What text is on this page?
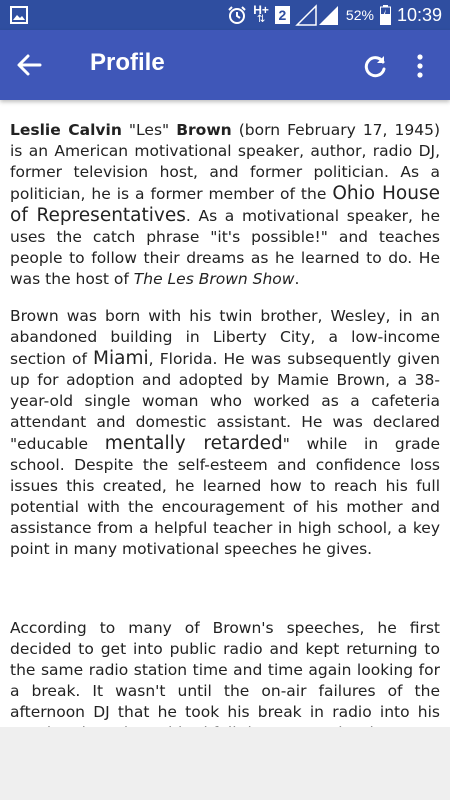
H+
⇅ 2	52% 10:39
Profile

Leslie Calvin "Les" Brown (born February 17, 1945) is an American motivational speaker, author, radio DJ, former television host, and former politician. As a politician, he is a former member of the Ohio House of Representatives. As a motivational speaker, he uses the catch phrase "it's possible!" and teaches people to follow their dreams as he learned to do. He was the host of The Les Brown Show.

Brown was born with his twin brother, Wesley, in an abandoned building in Liberty City, a low-income section of Miami, Florida. He was subsequently given up for adoption and adopted by Mamie Brown, a 38-year-old single woman who worked as a cafeteria attendant and domestic assistant. He was declared "educable mentally retarded" while in grade school. Despite the self-esteem and confidence loss issues this created, he learned how to reach his full potential with the encouragement of his mother and assistance from a helpful teacher in high school, a key point in many motivational speeches he gives.

According to many of Brown's speeches, he first decided to get into public radio and kept returning to the same radio station time and time again looking for a break. It wasn't until the on-air failures of the afternoon DJ that he took his break in radio into his
